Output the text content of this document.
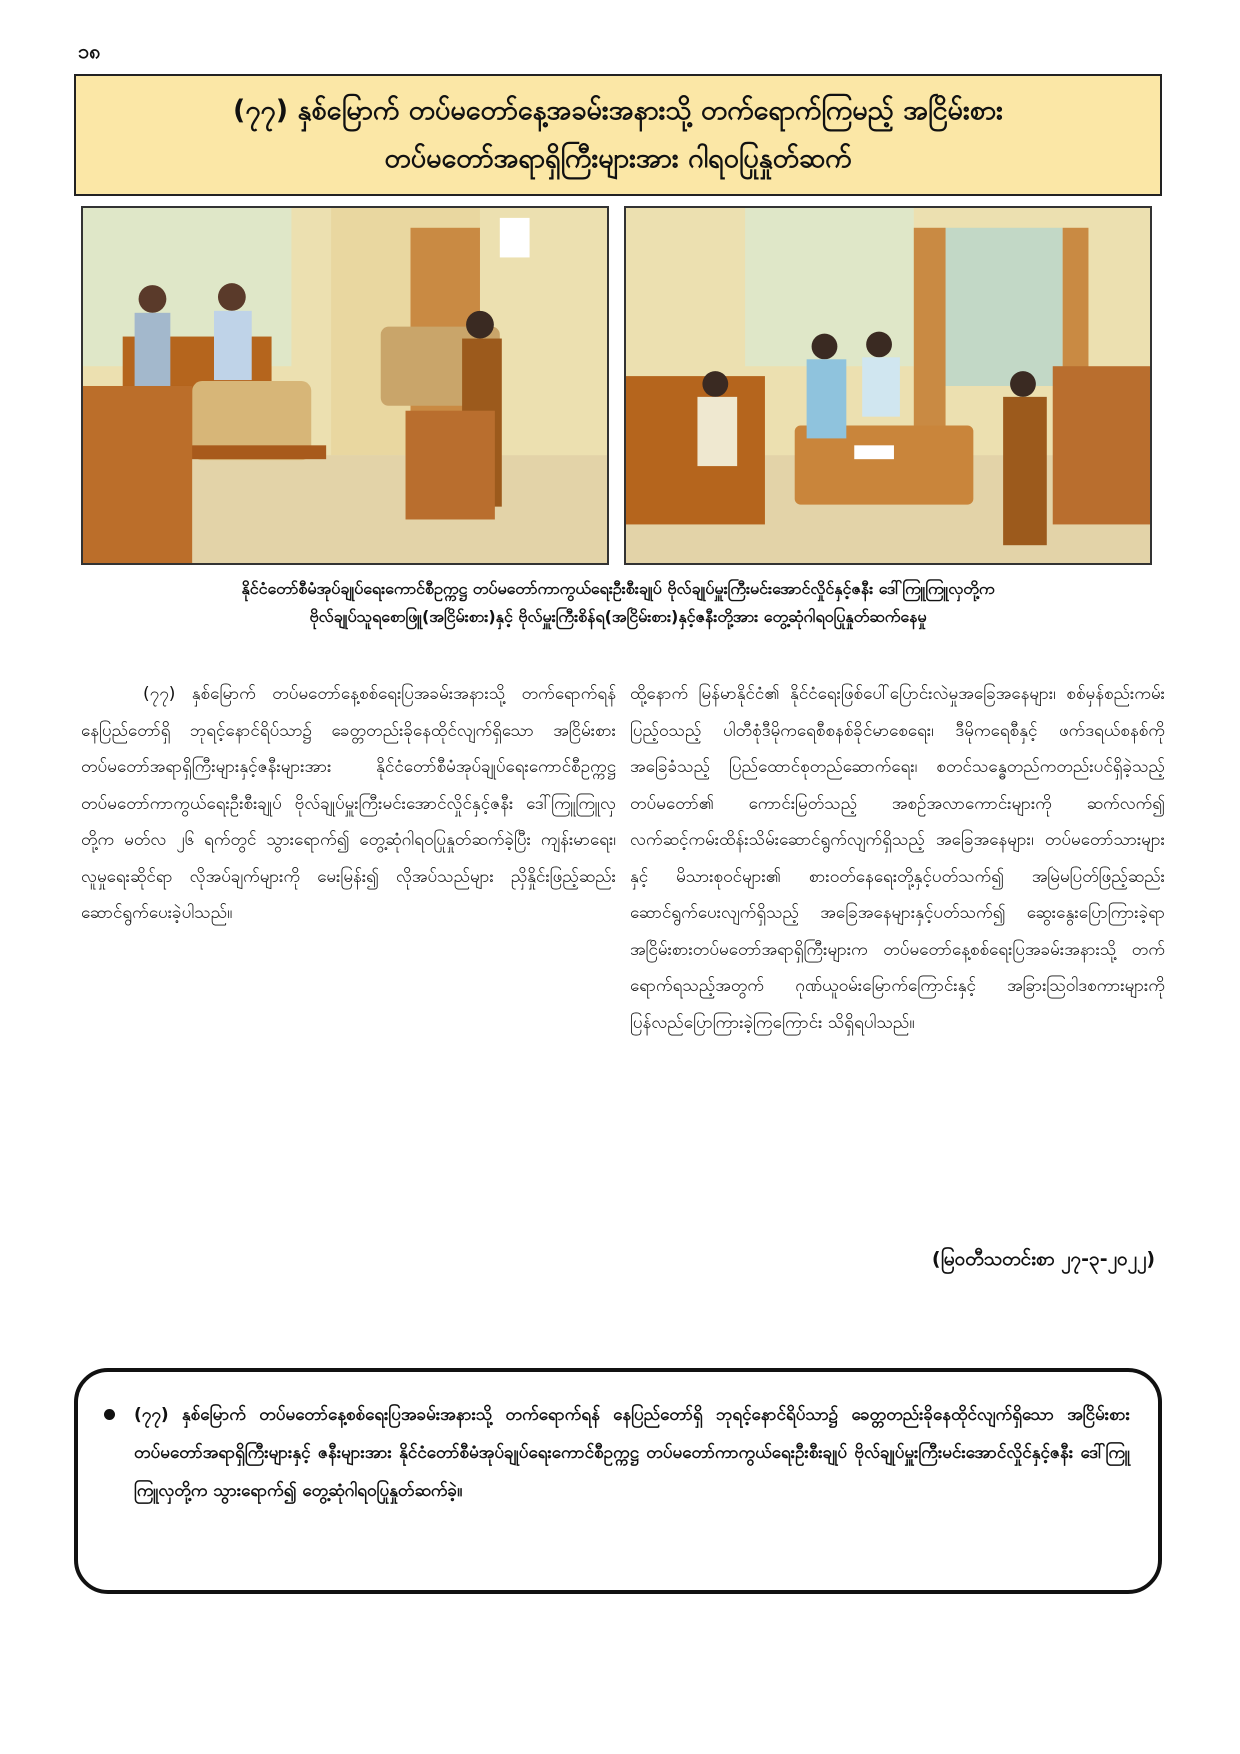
၁၈
(၇၇) နှစ်မြောက် တပ်မတော်နေ့အခမ်းအနားသို့ တက်ရောက်ကြမည့် အငြိမ်းစား
တပ်မတော်အရာရှိကြီးများအား ဂါရဝပြုနှုတ်ဆက်
နိုင်ငံတော်စီမံအုပ်ချုပ်ရေးကောင်စီဥက္ကဋ္ဌ တပ်မတော်ကာကွယ်ရေးဦးစီးချုပ် ဗိုလ်ချုပ်မှူးကြီးမင်းအောင်လှိုင်နှင့်ဇနီး ဒေါ်ကြူကြူလှတို့က
ဗိုလ်ချုပ်သူရစောဖြူ(အငြိမ်းစား)နှင့် ဗိုလ်မှူးကြီးစိန်ရ(အငြိမ်းစား)နှင့်ဇနီးတို့အား တွေ့ဆုံဂါရဝပြုနှုတ်ဆက်နေမှု

(၇၇) နှစ်မြောက် တပ်မတော်နေ့စစ်ရေးပြအခမ်းအနားသို့ တက်ရောက်ရန် နေပြည်တော်ရှိ ဘုရင့်နောင်ရိပ်သာ၌ ခေတ္တတည်းခိုနေထိုင်လျက်ရှိသော အငြိမ်းစားတပ်မတော်အရာရှိကြီးများနှင့်ဇနီးများအား နိုင်ငံတော်စီမံအုပ်ချုပ်ရေးကောင်စီဥက္ကဋ္ဌ တပ်မတော်ကာကွယ်ရေးဦးစီးချုပ် ဗိုလ်ချုပ်မှူးကြီးမင်းအောင်လှိုင်နှင့်ဇနီး ဒေါ်ကြူကြူလှတို့က မတ်လ ၂၆ ရက်တွင် သွားရောက်၍ တွေ့ဆုံဂါရဝပြုနှုတ်ဆက်ခဲ့ပြီး ကျန်းမာရေး၊ လူမှုရေးဆိုင်ရာ လိုအပ်ချက်များကို မေးမြန်း၍ လိုအပ်သည်များ ညှိနှိုင်းဖြည့်ဆည်းဆောင်ရွက်ပေးခဲ့ပါသည်။

ထို့နောက် မြန်မာနိုင်ငံ၏ နိုင်ငံရေးဖြစ်ပေါ်ပြောင်းလဲမှုအခြေအနေများ၊ စစ်မှန်စည်းကမ်းပြည့်ဝသည့် ပါတီစုံဒီမိုကရေစီစနစ်ခိုင်မာစေရေး၊ ဒီမိုကရေစီနှင့် ဖက်ဒရယ်စနစ်ကို အခြေခံသည့် ပြည်ထောင်စုတည်ဆောက်ရေး၊ စတင်သန္ဓေတည်ကတည်းပင်ရှိခဲ့သည့် တပ်မတော်၏ ကောင်းမြတ်သည့် အစဉ်အလာကောင်းများကို ဆက်လက်၍ လက်ဆင့်ကမ်းထိန်းသိမ်းဆောင်ရွက်လျက်ရှိသည့် အခြေအနေများ၊ တပ်မတော်သားများနှင့် မိသားစုဝင်များ၏ စားဝတ်နေရေးတို့နှင့်ပတ်သက်၍ အမြဲမပြတ်ဖြည့်ဆည်းဆောင်ရွက်ပေးလျက်ရှိသည့် အခြေအနေများနှင့်ပတ်သက်၍ ဆွေးနွေးပြောကြားခဲ့ရာ အငြိမ်းစားတပ်မတော်အရာရှိကြီးများက တပ်မတော်နေ့စစ်ရေးပြအခမ်းအနားသို့ တက်ရောက်ရသည့်အတွက် ဂုဏ်ယူဝမ်းမြောက်ကြောင်းနှင့် အခြားသြဝါဒစကားများကို ပြန်လည်ပြောကြားခဲ့ကြကြောင်း သိရှိရပါသည်။

(မြဝတီသတင်းစာ ၂၇-၃-၂၀၂၂)
(၇၇) နှစ်မြောက် တပ်မတော်နေ့စစ်ရေးပြအခမ်းအနားသို့ တက်ရောက်ရန် နေပြည်တော်ရှိ ဘုရင့်နောင်ရိပ်သာ၌ ခေတ္တတည်းခိုနေထိုင်လျက်ရှိသော အငြိမ်းစားတပ်မတော်အရာရှိကြီးများနှင့် ဇနီးများအား နိုင်ငံတော်စီမံအုပ်ချုပ်ရေးကောင်စီဥက္ကဋ္ဌ တပ်မတော်ကာကွယ်ရေးဦးစီးချုပ် ဗိုလ်ချုပ်မှူးကြီးမင်းအောင်လှိုင်နှင့်ဇနီး ဒေါ်ကြူကြူလှတို့က သွားရောက်၍ တွေ့ဆုံဂါရဝပြုနှုတ်ဆက်ခဲ့။
